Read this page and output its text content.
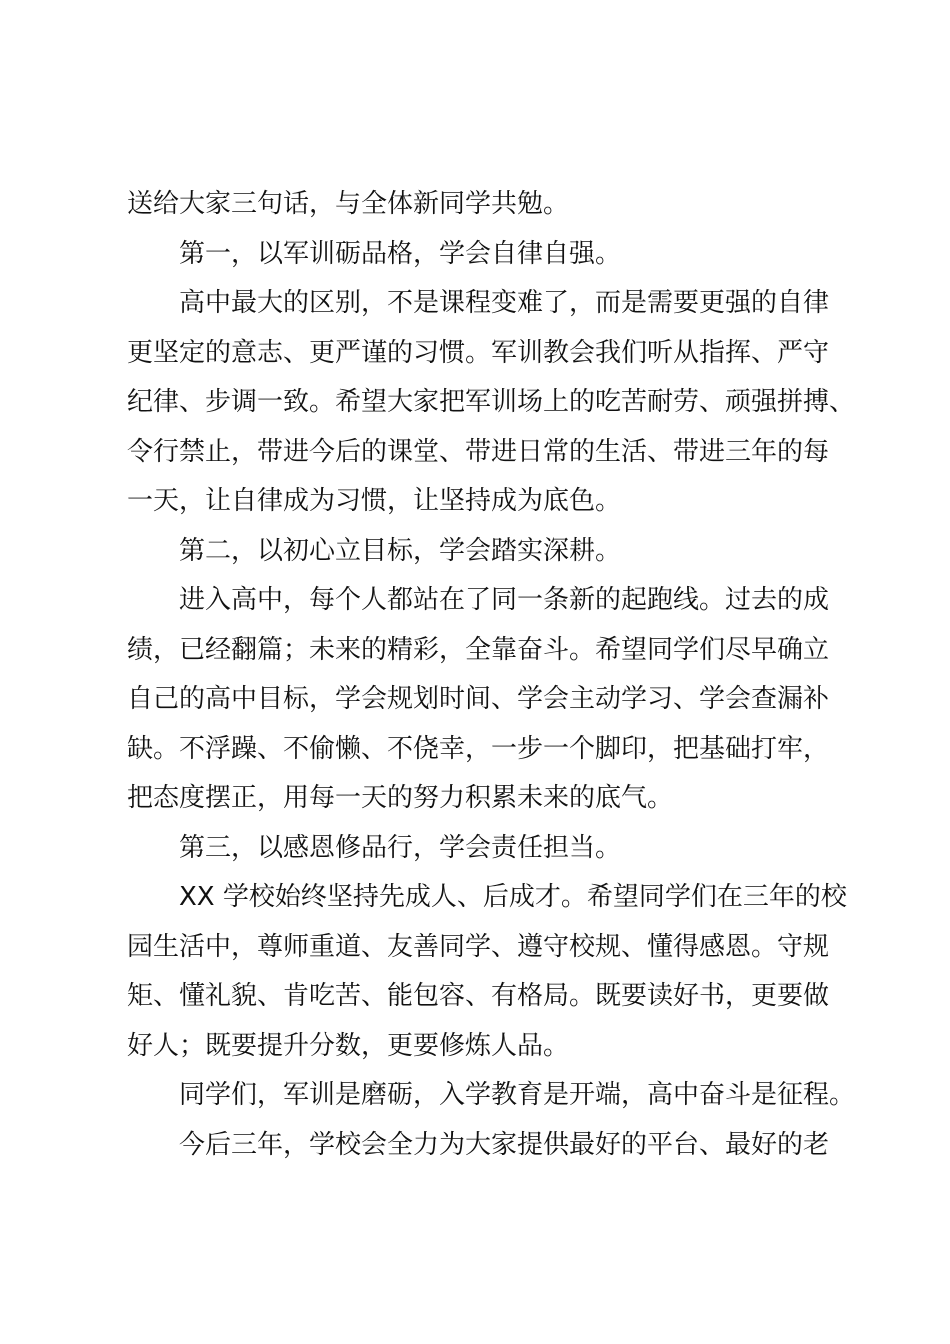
送给大家三句话，与全体新同学共勉。
第一，以军训砺品格，学会自律自强。
高中最大的区别，不是课程变难了，而是需要更强的自律
更坚定的意志、更严谨的习惯。军训教会我们听从指挥、严守
纪律、步调一致。希望大家把军训场上的吃苦耐劳、顽强拼搏、
令行禁止，带进今后的课堂、带进日常的生活、带进三年的每
一天，让自律成为习惯，让坚持成为底色。
第二，以初心立目标，学会踏实深耕。
进入高中，每个人都站在了同一条新的起跑线。过去的成
绩，已经翻篇；未来的精彩，全靠奋斗。希望同学们尽早确立
自己的高中目标，学会规划时间、学会主动学习、学会查漏补
缺。不浮躁、不偷懒、不侥幸，一步一个脚印，把基础打牢，
把态度摆正，用每一天的努力积累未来的底气。
第三，以感恩修品行，学会责任担当。
XX 学校始终坚持先成人、后成才。希望同学们在三年的校
园生活中，尊师重道、友善同学、遵守校规、懂得感恩。守规
矩、懂礼貌、肯吃苦、能包容、有格局。既要读好书，更要做
好人；既要提升分数，更要修炼人品。
同学们，军训是磨砺，入学教育是开端，高中奋斗是征程。
今后三年，学校会全力为大家提供最好的平台、最好的老
